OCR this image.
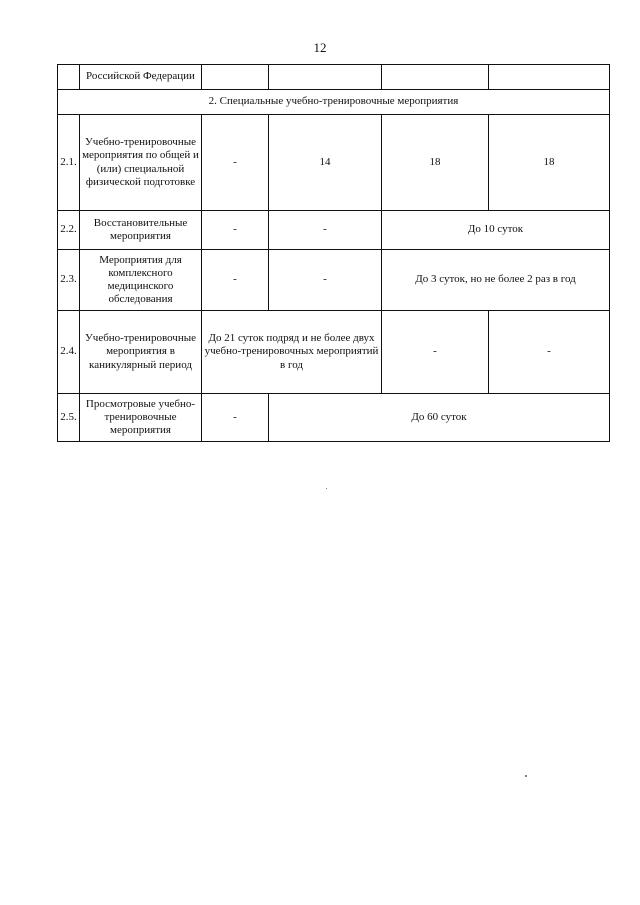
12
	Российской Федерации				
2. Специальные учебно-тренировочные мероприятия					
2.1.	Учебно-тренировочные мероприятия по общей и (или) специальной физической подготовке	-	14	18	18
2.2.	Восстановительные мероприятия	-	-	До 10 суток	
2.3.	Мероприятия для комплексного медицинского обследования	-	-	До 3 суток, но не более 2 раз в год	
2.4.	Учебно-тренировочные мероприятия в каникулярный период	До 21 суток подряд и не более двух учебно-тренировочных мероприятий в год		-	-
2.5.	Просмотровые учебно-тренировочные мероприятия	-	До 60 суток		
